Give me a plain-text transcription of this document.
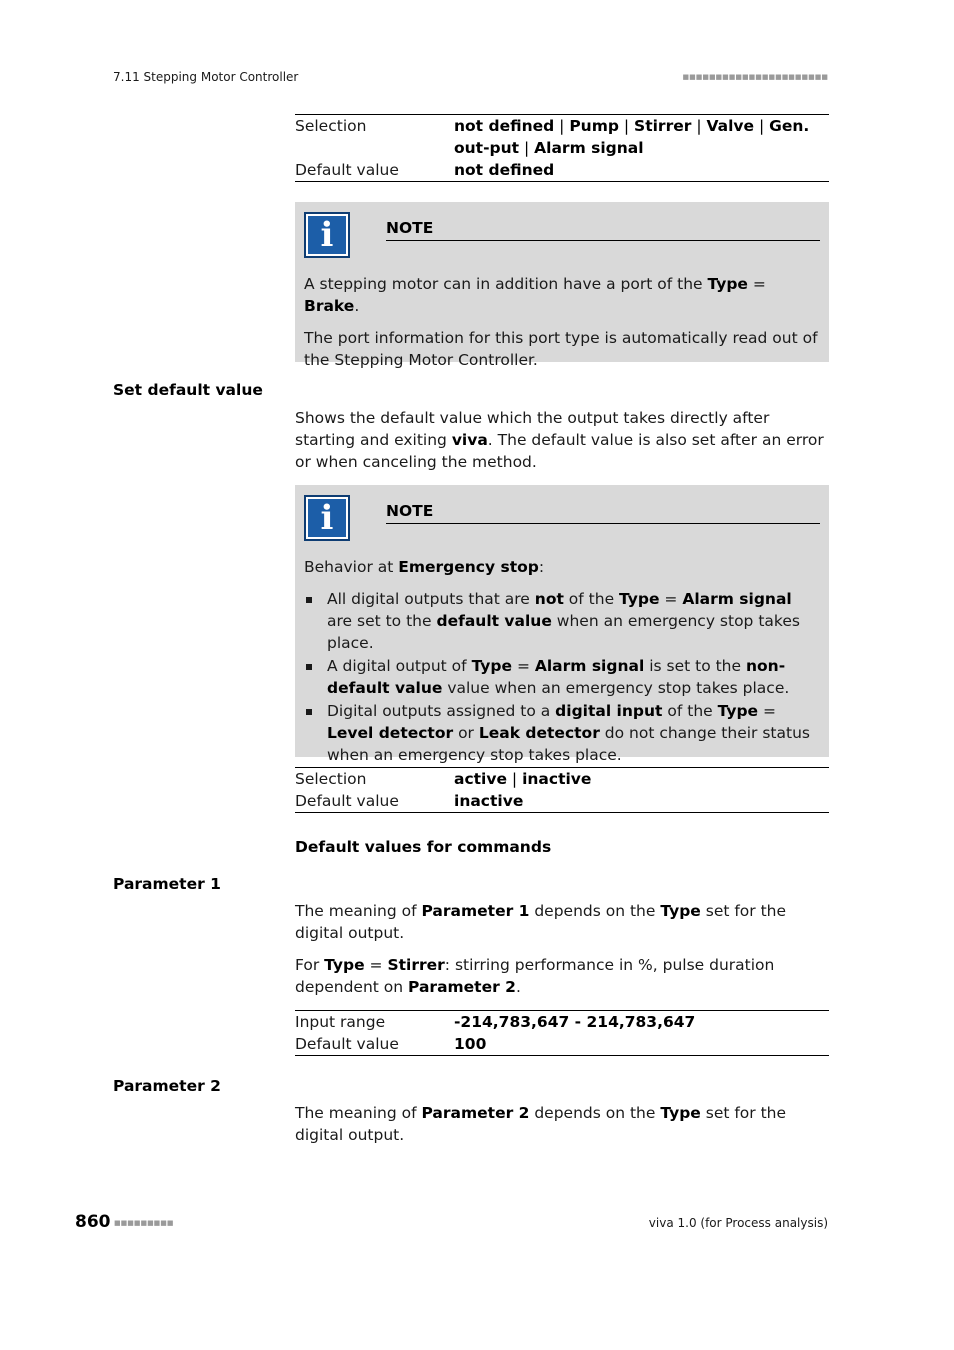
7.11 Stepping Motor Controller	■■■■■■■■■■■■■■■■■■■■■■
Selection	not defined | Pump | Stirrer | Valve | Gen. out-put | Alarm signal
Default value	not defined
i	NOTE

A stepping motor can in addition have a port of the Type = Brake.

The port information for this port type is automatically read out of the Stepping Motor Controller.

Set default value
Shows the default value which the output takes directly after starting and exiting viva. The default value is also set after an error or when canceling the method.
i	NOTE

Behavior at Emergency stop:

All digital outputs that are not of the Type = Alarm signal are set to the default value when an emergency stop takes place.
A digital output of Type = Alarm signal is set to the non-default value value when an emergency stop takes place.
Digital outputs assigned to a digital input of the Type = Level detector or Leak detector do not change their status when an emergency stop takes place.
Selection	active | inactive
Default value	inactive
Default values for commands
Parameter 1

The meaning of Parameter 1 depends on the Type set for the digital output.

For Type = Stirrer: stirring performance in %, pulse duration dependent on Parameter 2.

Input range	-214,783,647 - 214,783,647
Default value	100
Parameter 2

The meaning of Parameter 2 depends on the Type set for the digital output.

860 ■■■■■■■■■	viva 1.0 (for Process analysis)
